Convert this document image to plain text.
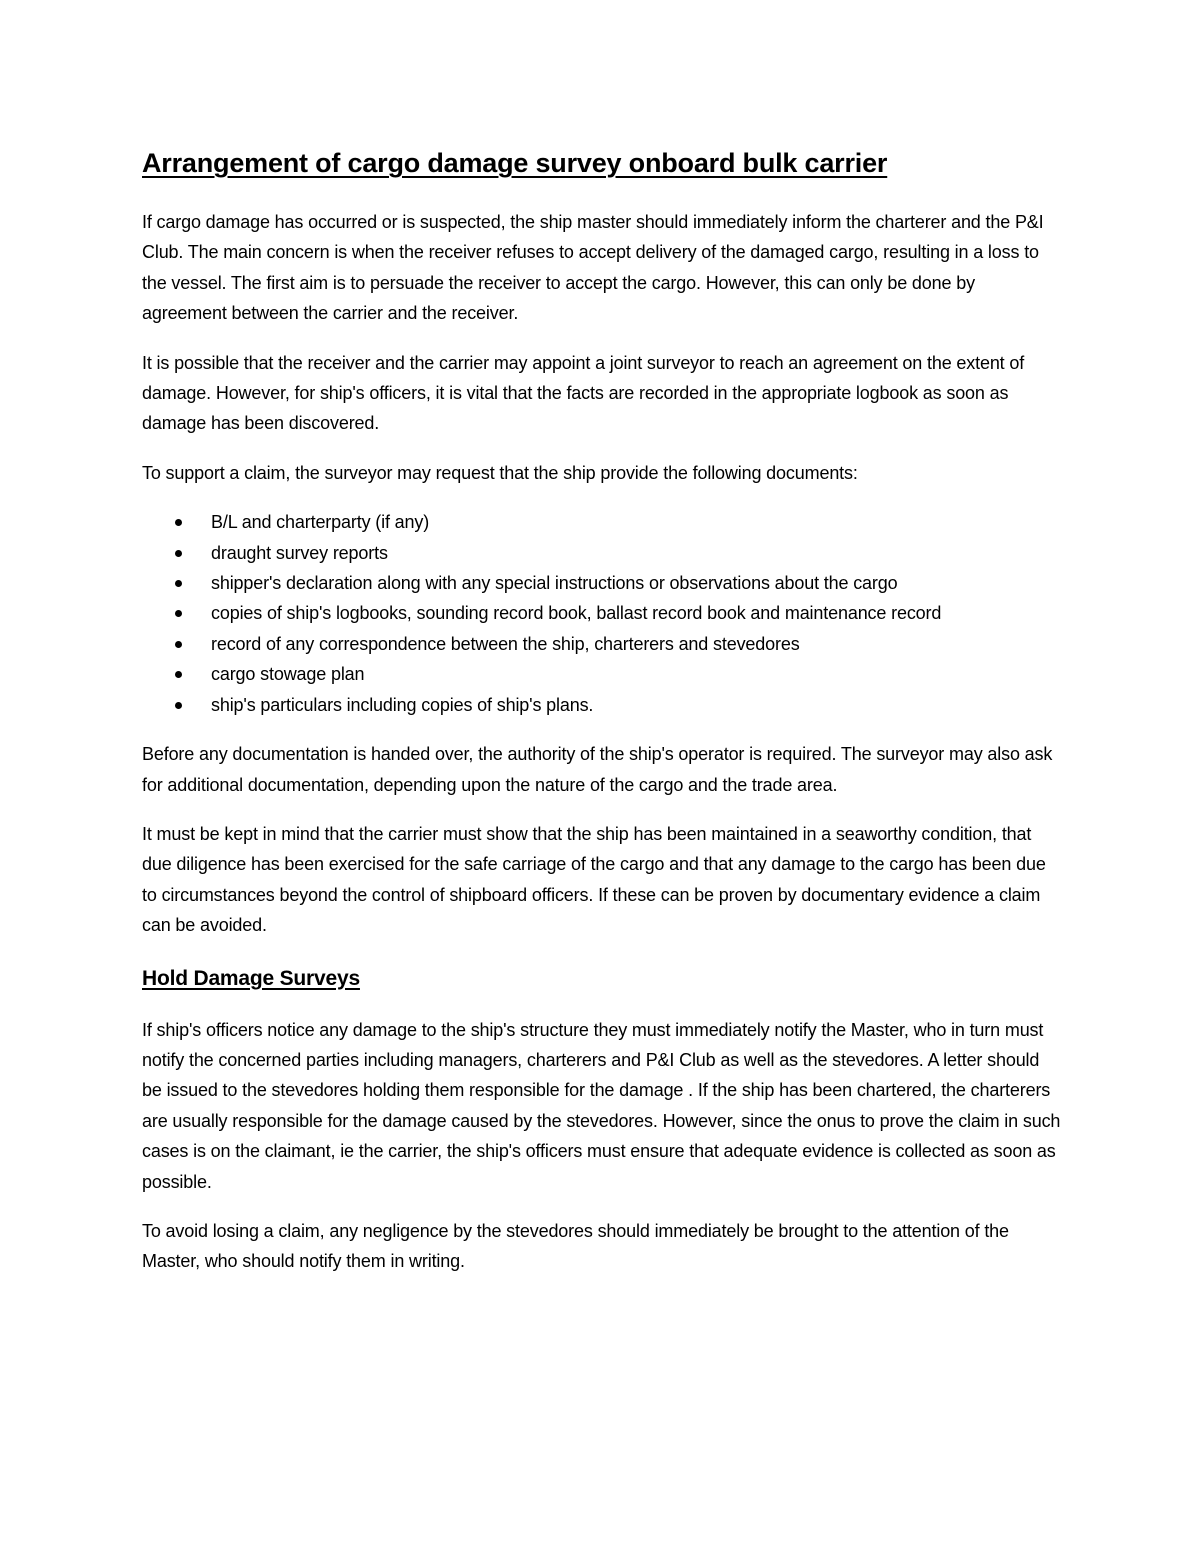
Arrangement of cargo damage survey onboard bulk carrier

If cargo damage has occurred or is suspected, the ship master should immediately inform the charterer and the P&I Club. The main concern is when the receiver refuses to accept delivery of the damaged cargo, resulting in a loss to the vessel. The first aim is to persuade the receiver to accept the cargo. However, this can only be done by agreement between the carrier and the receiver.

It is possible that the receiver and the carrier may appoint a joint surveyor to reach an agreement on the extent of damage. However, for ship's officers, it is vital that the facts are recorded in the appropriate logbook as soon as damage has been discovered.

To support a claim, the surveyor may request that the ship provide the following documents:

B/L and charterparty (if any)
draught survey reports
shipper's declaration along with any special instructions or observations about the cargo
copies of ship's logbooks, sounding record book, ballast record book and maintenance record
record of any correspondence between the ship, charterers and stevedores
cargo stowage plan
ship's particulars including copies of ship's plans.

Before any documentation is handed over, the authority of the ship's operator is required. The surveyor may also ask for additional documentation, depending upon the nature of the cargo and the trade area.

It must be kept in mind that the carrier must show that the ship has been maintained in a seaworthy condition, that due diligence has been exercised for the safe carriage of the cargo and that any damage to the cargo has been due to circumstances beyond the control of shipboard officers. If these can be proven by documentary evidence a claim can be avoided.

Hold Damage Surveys

If ship's officers notice any damage to the ship's structure they must immediately notify the Master, who in turn must notify the concerned parties including managers, charterers and P&I Club as well as the stevedores. A letter should be issued to the stevedores holding them responsible for the damage . If the ship has been chartered, the charterers are usually responsible for the damage caused by the stevedores. However, since the onus to prove the claim in such cases is on the claimant, ie the carrier, the ship's officers must ensure that adequate evidence is collected as soon as possible.

To avoid losing a claim, any negligence by the stevedores should immediately be brought to the attention of the Master, who should notify them in writing.
